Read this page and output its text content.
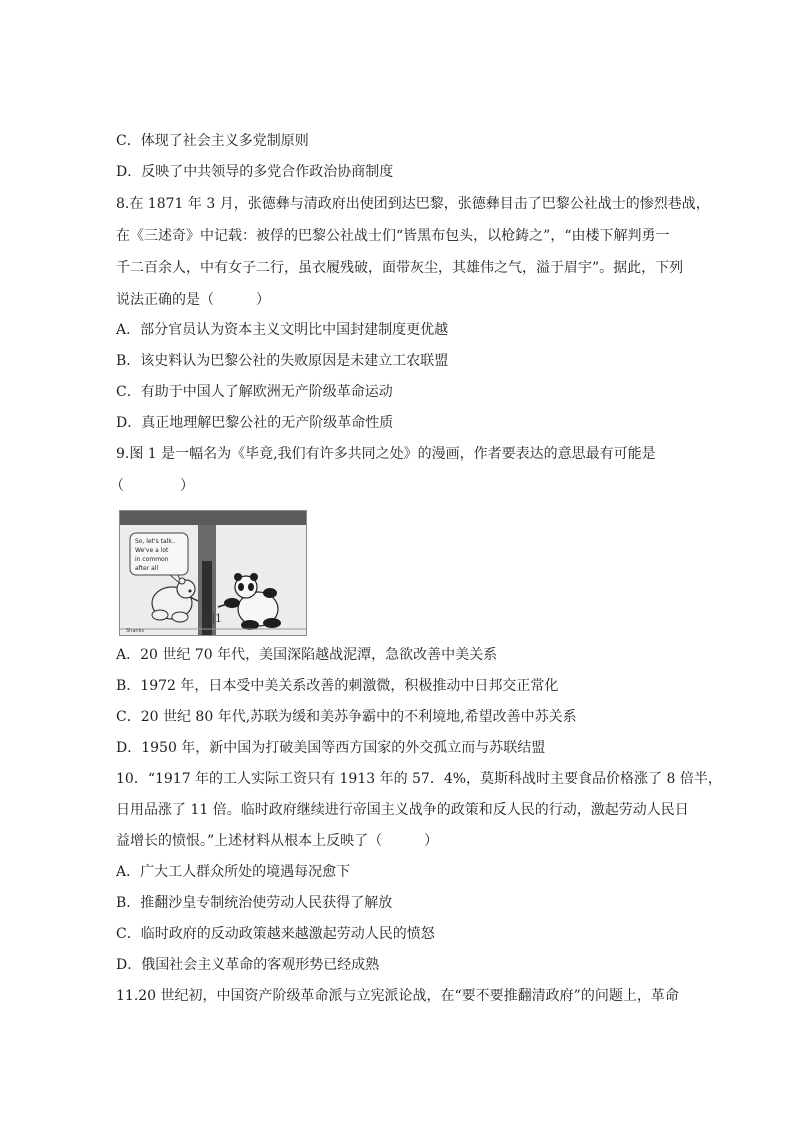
C．体现了社会主义多党制原则
D．反映了中共领导的多党合作政治协商制度
8.在 1871 年 3 月，张德彝与清政府出使团到达巴黎，张德彝目击了巴黎公社战士的惨烈巷战，
在《三述奇》中记载：被俘的巴黎公社战士们“皆黑布包头，以枪鋳之”，“由楼下解判勇一
千二百余人，中有女子二行，虽衣履残破，面带灰尘，其雄伟之气，溢于眉宇”。据此，下列
说法正确的是（　　　）
A．部分官员认为资本主义文明比中国封建制度更优越
B．该史料认为巴黎公社的失败原因是未建立工农联盟
C．有助于中国人了解欧洲无产阶级革命运动
D．真正地理解巴黎公社的无产阶级革命性质
9.图 1 是一幅名为《毕竟,我们有许多共同之处》的漫画，作者要表达的意思最有可能是
（　　　　）
So, let's talk..
We've a lot
in common
after all
Shanks
图1
A．20 世纪 70 年代，美国深陷越战泥潭，急欲改善中美关系
B．1972 年，日本受中美关系改善的刺激微，积极推动中日邦交正常化
C．20 世纪 80 年代,苏联为缓和美苏争霸中的不利境地,希望改善中苏关系
D．1950 年，新中国为打破美国等西方国家的外交孤立而与苏联结盟
10．“1917 年的工人实际工资只有 1913 年的 57．4%，莫斯科战时主要食品价格涨了 8 倍半，
日用品涨了 11 倍。临时政府继续进行帝国主义战争的政策和反人民的行动，激起劳动人民日
益增长的愤恨。”上述材料从根本上反映了（　　　）
A．广大工人群众所处的境遇每况愈下
B．推翻沙皇专制统治使劳动人民获得了解放
C．临时政府的反动政策越来越激起劳动人民的愤怒
D．俄国社会主义革命的客观形势已经成熟
11.20 世纪初，中国资产阶级革命派与立宪派论战，在“要不要推翻清政府”的问题上，革命
